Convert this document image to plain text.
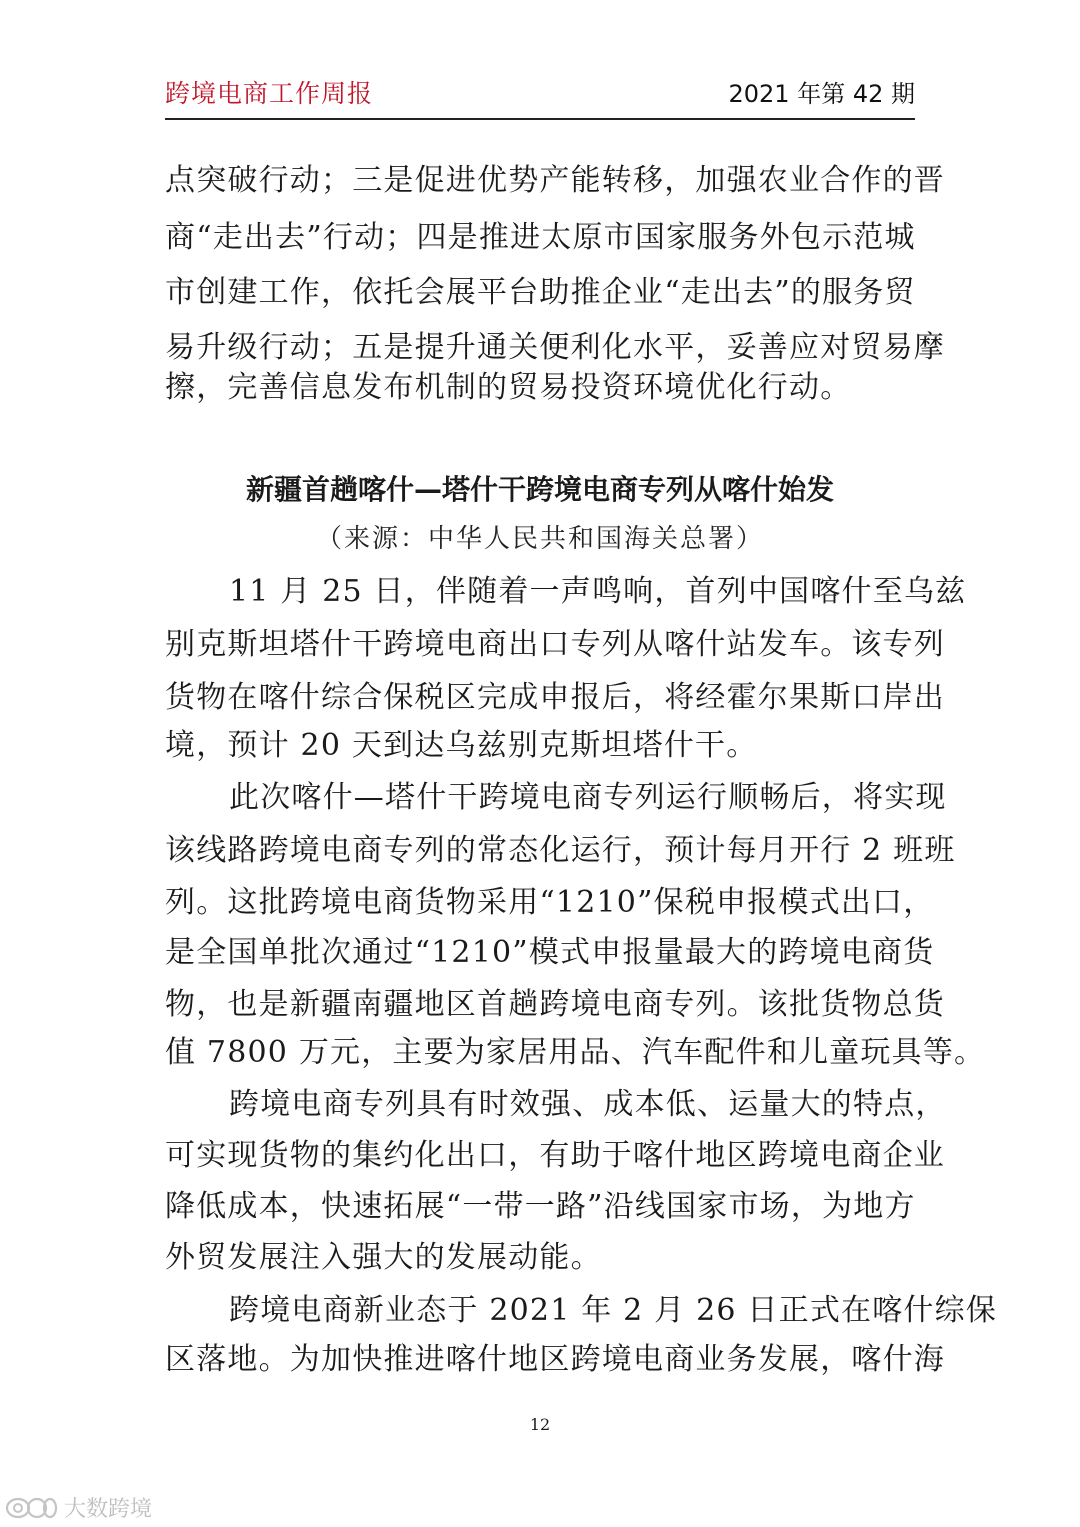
跨境电商工作周报	2021 年第 42 期
点突破行动；三是促进优势产能转移，加强农业合作的晋
商“走出去”行动；四是推进太原市国家服务外包示范城
市创建工作，依托会展平台助推企业“走出去”的服务贸
易升级行动；五是提升通关便利化水平，妥善应对贸易摩
擦，完善信息发布机制的贸易投资环境优化行动。
新疆首趟喀什—塔什干跨境电商专列从喀什始发
（来源：中华人民共和国海关总署）
11 月 25 日，伴随着一声鸣响，首列中国喀什至乌兹
别克斯坦塔什干跨境电商出口专列从喀什站发车。该专列
货物在喀什综合保税区完成申报后，将经霍尔果斯口岸出
境，预计 20 天到达乌兹别克斯坦塔什干。
此次喀什—塔什干跨境电商专列运行顺畅后，将实现
该线路跨境电商专列的常态化运行，预计每月开行 2 班班
列。这批跨境电商货物采用“1210”保税申报模式出口，
是全国单批次通过“1210”模式申报量最大的跨境电商货
物，也是新疆南疆地区首趟跨境电商专列。该批货物总货
值 7800 万元，主要为家居用品、汽车配件和儿童玩具等。
跨境电商专列具有时效强、成本低、运量大的特点，
可实现货物的集约化出口，有助于喀什地区跨境电商企业
降低成本，快速拓展“一带一路”沿线国家市场，为地方
外贸发展注入强大的发展动能。
跨境电商新业态于 2021 年 2 月 26 日正式在喀什综保
区落地。为加快推进喀什地区跨境电商业务发展，喀什海
12
大数跨境
